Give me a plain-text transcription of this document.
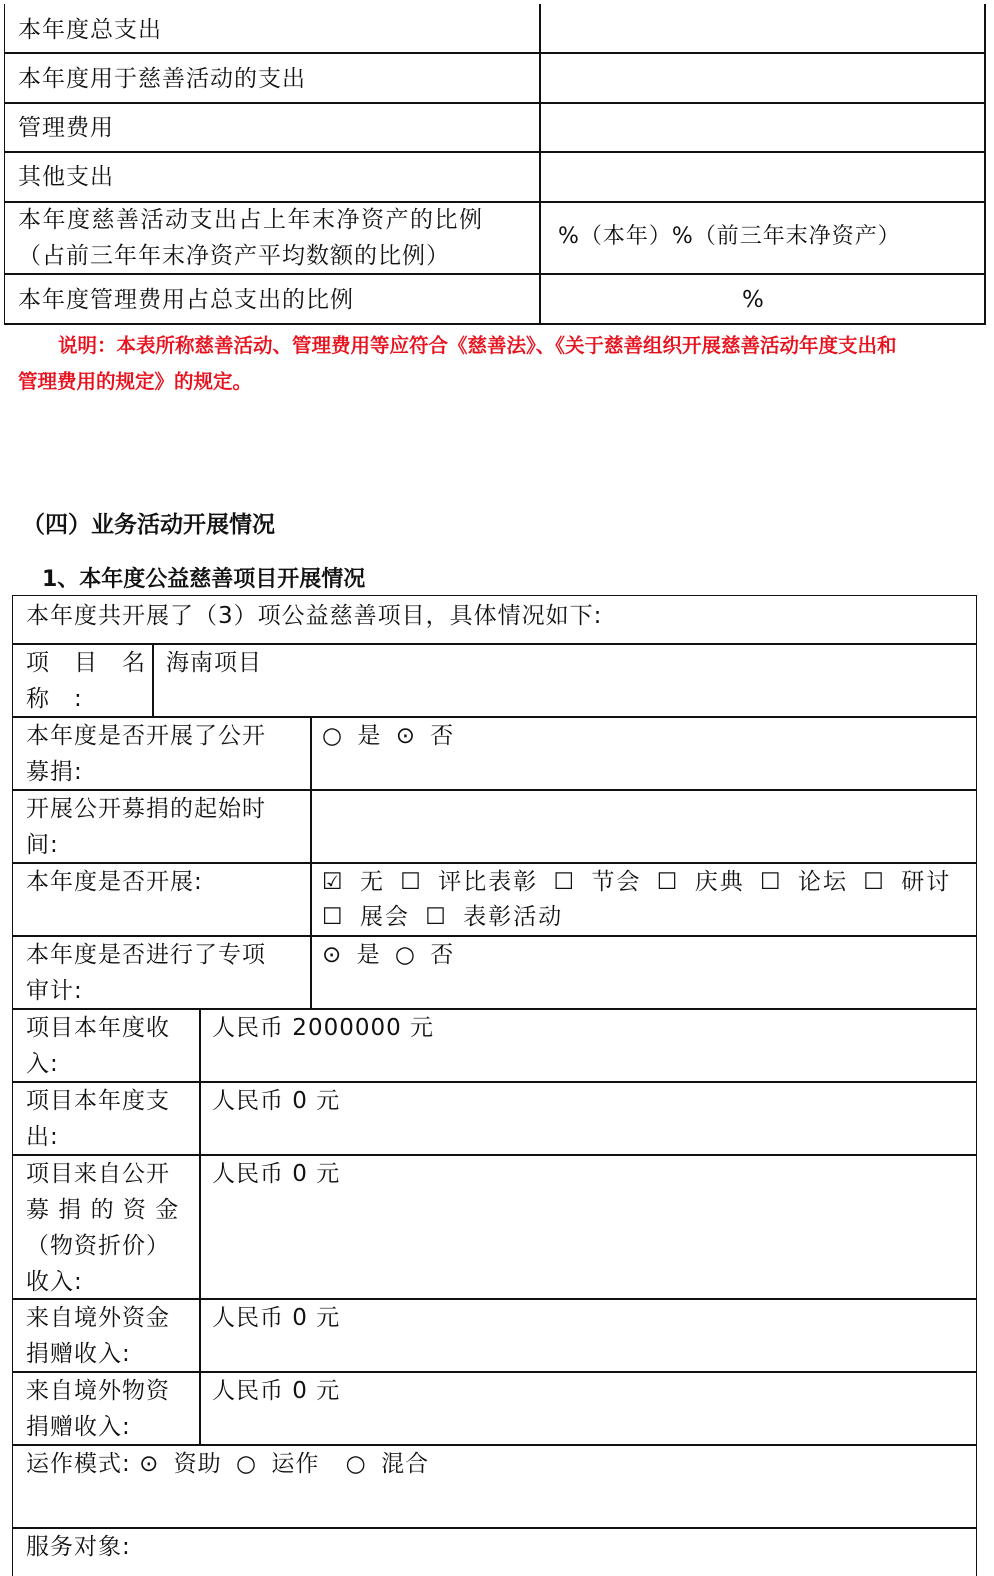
本年度总支出
本年度用于慈善活动的支出
管理费用
其他支出
本年度慈善活动支出占上年末净资产的比例
（占前三年年末净资产平均数额的比例）
%（本年）%（前三年末净资产）
本年度管理费用占总支出的比例	%
说明：本表所称慈善活动、管理费用等应符合《慈善法》、《关于慈善组织开展慈善活动年度支出和
管理费用的规定》的规定。
（四）业务活动开展情况
1、本年度公益慈善项目开展情况
本年度共开展了（3）项公益慈善项目，具体情况如下:
项　目　名
称　:
海南项目
本年度是否开展了公开
募捐:
○ 是 ⊙ 否
开展公开募捐的起始时
间:
本年度是否开展:	☑ 无 ☐ 评比表彰 ☐ 节会 ☐ 庆典 ☐ 论坛 ☐ 研讨
☐ 展会 ☐ 表彰活动
本年度是否进行了专项
审计:
⊙ 是 ○ 否
项目本年度收
入:
人民币 2000000 元
项目本年度支
出:
人民币 0 元
项目来自公开
募 捐 的 资 金
（物资折价）
收入:
人民币 0 元
来自境外资金
捐赠收入:
人民币 0 元
来自境外物资
捐赠收入:
人民币 0 元
运作模式: ⊙ 资助 ○ 运作 ○ 混合
服务对象:
